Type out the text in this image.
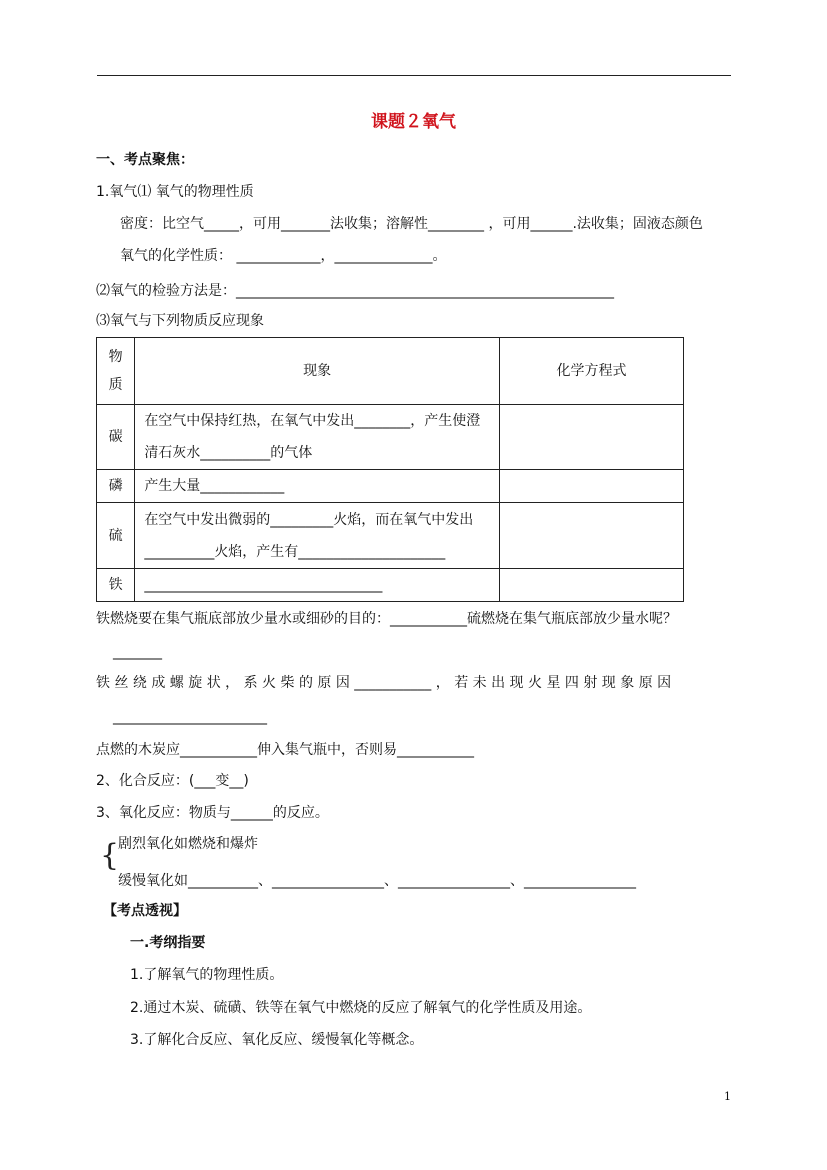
课题２氧气
一、考点聚焦：
1.氧气⑴ 氧气的物理性质
密度：比空气_____，可用_______法收集；溶解性________ ，可用______.法收集；固液态颜色
氧气的化学性质： ____________，______________。
⑵氧气的检验方法是：______________________________________________________
⑶氧气与下列物质反应现象
物
质	现象	化学方程式
碳	在空气中保持红热，在氧气中发出________，产生使澄
清石灰水__________的气体	

磷	产生大量____________	
硫	在空气中发出微弱的_________火焰，而在氧气中发出
__________火焰，产生有_____________________	

铁	__________________________________	
铁燃烧要在集气瓶底部放少量水或细砂的目的：___________硫燃烧在集气瓶底部放少量水呢？
_______
铁 丝 绕 成 螺 旋 状 ， 系 火 柴 的 原 因 ___________ ， 若 未 出 现 火 星 四 射 现 象 原 因
______________________
点燃的木炭应___________伸入集气瓶中，否则易___________
2、化合反应：(___变__)
3、氧化反应：物质与______的反应。
{
剧烈氧化如燃烧和爆炸
缓慢氧化如__________、________________、________________、________________
【考点透视】
一.考纲指要
1.了解氧气的物理性质。
2.通过木炭、硫磺、铁等在氧气中燃烧的反应了解氧气的化学性质及用途。
3.了解化合反应、氧化反应、缓慢氧化等概念。
1
